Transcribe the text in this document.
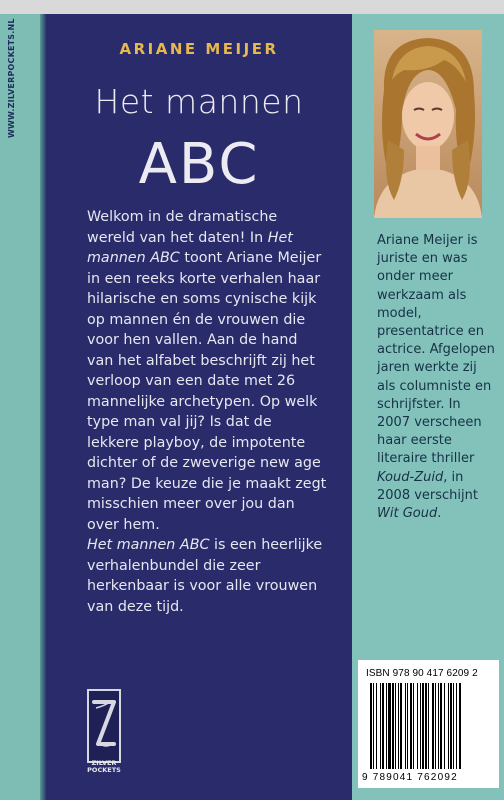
WWW.ZILVERPOCKETS.NL	ARIANE MEIJER
Het mannen
ABC

Welkom in de dramatische wereld van het daten! In Het mannen ABC toont Ariane Meijer in een reeks korte verhalen haar hilarische en soms cynische kijk op mannen én de vrouwen die voor hen vallen. Aan de hand van het alfabet beschrijft zij het verloop van een date met 26 mannelijke archetypen. Op welk type man val jij? Is dat de lekkere playboy, de impotente dichter of de zweverige new age man? De keuze die je maakt zegt misschien meer over jou dan over hem.

Het mannen ABC is een heerlijke verhalenbundel die zeer herkenbaar is voor alle vrouwen van deze tijd.

ZILVER
POCKETS

Ariane Meijer is juriste en was onder meer werkzaam als model, presentatrice en actrice. Afgelopen jaren werkte zij als columniste en schrijfster. In 2007 verscheen haar eerste literaire thriller Koud-Zuid, in 2008 verschijnt Wit Goud.

ISBN 978 90 417 6209 2
9 789041 762092
